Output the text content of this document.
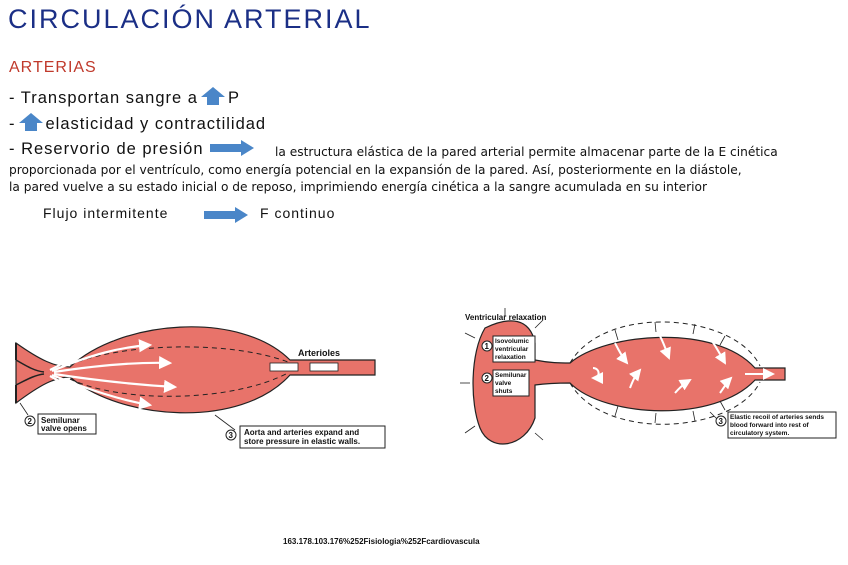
CIRCULACIÓN ARTERIAL
ARTERIAS
- Transportan sangre a P
- elasticidad y contractilidad
- Reservorio de presión	la estructura elástica de la pared arterial permite almacenar parte de la E cinética
proporcionada por el ventrículo, como energía potencial en la expansión de la pared. Así, posteriormente en la diástole,
la pared vuelve a su estado inicial o de reposo, imprimiendo energía cinética a la sangre acumulada en su interior
Flujo intermitente	F continuo
Arterioles
2 Semilunar
valve opens
3 Aorta and arteries expand and
store pressure in elastic walls.
Ventricular relaxation
1
Isovolumic
ventricular
relaxation
2 Semilunar
valve
shuts
3 Elastic recoil of arteries sends
blood forward into rest of
circulatory system.
163.178.103.176%252Fisiologia%252Fcardiovascula
